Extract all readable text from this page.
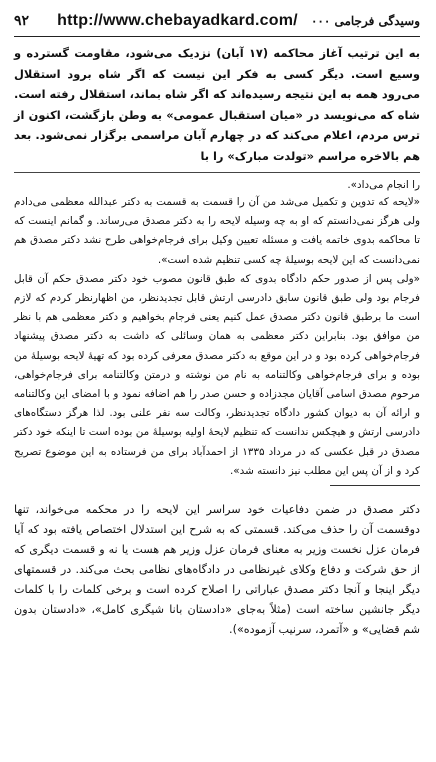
۹۲	http://www.chebayadkard.com/ وسیدگی فرجامی ۰۰۰

به این ترتیب آغاز محاکمه (۱۷ آبان) نزدیک می‌شود، مقاومت گسترده و وسیع است. دیگر کسی به فکر این نیست که اگر شاه برود استقلال می‌رود همه به این نتیجه رسیده‌اند که اگر شاه بماند، استقلال رفته است. شاه که می‌نویسد در «میان استقبال عمومی» به وطن بازگشت، اکنون از ترس مردم، اعلام می‌کند که در چهارم آبان مراسمی برگزار نمی‌شود. بعد هم بالاخره مراسم «تولدت مبارک» را با

را انجام می‌داد».

«لایحه که تدوین و تکمیل می‌شد من آن را قسمت به قسمت به دکتر عبدالله معظمی می‌دادم ولی هرگز نمی‌دانستم که او به چه وسیله لایحه را به دکتر مصدق می‌رساند. و گمانم اینست که تا محاکمه بدوی خاتمه یافت و مسئله تعیین وکیل برای فرجام‌خواهی طرح نشد دکتر مصدق هم نمی‌دانست که این لایحه بوسیلهٔ چه کسی تنظیم شده است».

«ولی پس از صدور حکم دادگاه بدوی که طبق قانون مصوب خود دکتر مصدق حکم آن قابل فرجام بود ولی طبق قانون سابق دادرسی ارتش قابل تجدیدنظر، من اظهارنظر کردم که لازم است ما برطبق قانون دکتر مصدق عمل کنیم یعنی فرجام بخواهیم و دکتر معظمی هم با نظر من موافق بود. بنابراین دکتر معظمی به همان وسائلی که داشت به دکتر مصدق پیشنهاد فرجام‌خواهی کرده بود و در این موقع به دکتر مصدق معرفی کرده بود که تهیهٔ لایحه بوسیلهٔ من بوده و برای فرجام‌خواهی وکالتنامه به نام من نوشته و درمتن وکالتنامه برای فرجام‌خواهی، مرحوم مصدق اسامی آقایان مجدزاده و حسن صدر را هم اضافه نمود و با امضای این وکالتنامه و ارائه آن به دیوان کشور دادگاه تجدیدنظر، وکالت سه نفر علنی بود. لذا هرگز دستگاه‌های دادرسی ارتش و هیچکس ندانست که تنظیم لایحهٔ اولیه بوسیلهٔ من بوده است تا اینکه خود دکتر مصدق در قبل عکسی که در مرداد ۱۳۳۵ از احمدآباد برای من فرستاده به این موضوع تصریح کرد و از آن پس این مطلب نیز دانسته شد».

دکتر مصدق در ضمن دفاعیات خود سراسر این لایحه را در محکمه می‌خواند، تنها دوقسمت آن را حذف می‌کند. قسمتی که به شرح این استدلال اختصاص یافته بود که آیا فرمان عزل نخست وزیر به معنای فرمان عزل وزیر هم هست یا نه و قسمت دیگری که از حق شرکت و دفاع وکلای غیرنظامی در دادگاه‌های نظامی بحث می‌کند. در قسمتهای دیگر اینجا و آنجا دکتر مصدق عباراتی را اصلاح کرده است و برخی کلمات را با کلمات دیگر جانشین ساخته است (مثلاً به‌جای «دادستان بانا شیگری کامل»، «دادستان بدون شم قضایی» و «آتمرد، سرنیب آزموده»).
